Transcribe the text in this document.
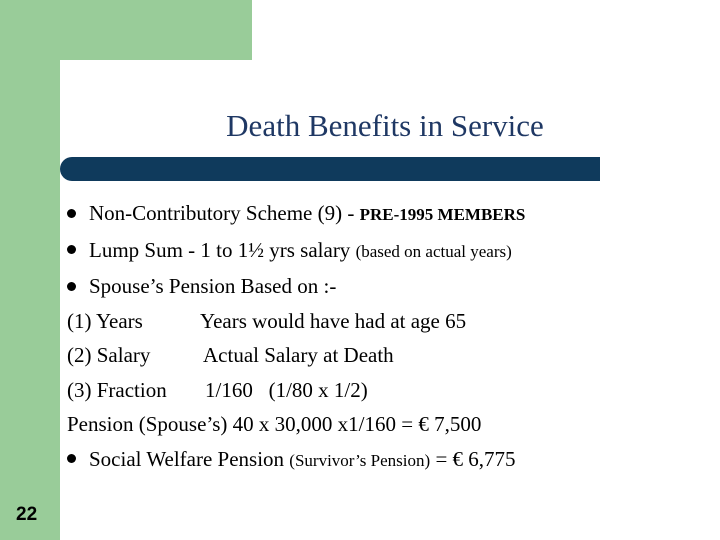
Death Benefits in Service
Non-Contributory Scheme (9) - PRE-1995 MEMBERS
Lump Sum - 1 to 1½ yrs salary (based on actual years)
Spouse’s Pension Based on :-
(1) Years	Years would have had at age 65
(2) Salary	Actual Salary at Death
(3) Fraction 1/160   (1/80 x 1/2)
Pension (Spouse’s) 40 x 30,000 x1/160 = € 7,500
Social Welfare Pension (Survivor’s Pension) = € 6,775
22
